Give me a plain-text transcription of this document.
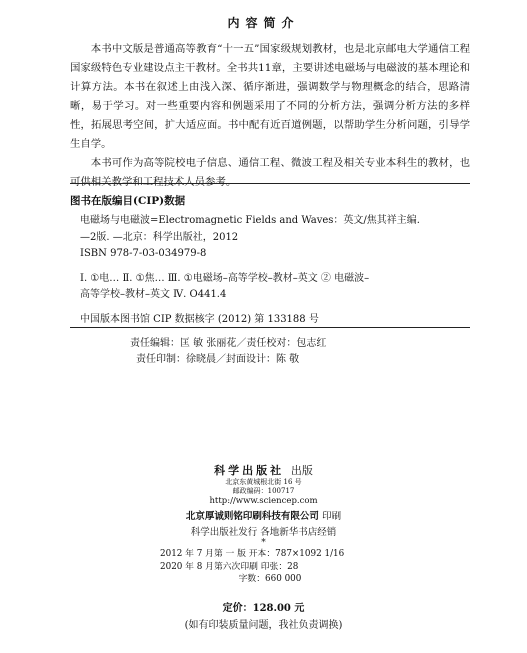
内容简介

本书中文版是普通高等教育“十一五”国家级规划教材，也是北京邮电大学通信工程国家级特色专业建设点主干教材。全书共11章，主要讲述电磁场与电磁波的基本理论和计算方法。本书在叙述上由浅入深、循序渐进，强调数学与物理概念的结合，思路清晰，易于学习。对一些重要内容和例题采用了不同的分析方法，强调分析方法的多样性，拓展思考空间，扩大适应面。书中配有近百道例题，以帮助学生分析问题，引导学生自学。

本书可作为高等院校电子信息、通信工程、微波工程及相关专业本科生的教材，也可供相关教学和工程技术人员参考。

图书在版编目(CIP)数据
电磁场与电磁波=Electromagnetic Fields and Waves：英文/焦其祥主编.
—2版. —北京：科学出版社，2012
ISBN 978-7-03-034979-8
Ⅰ. ①电… Ⅱ. ①焦… Ⅲ. ①电磁场–高等学校–教材–英文 ② 电磁波–
高等学校–教材–英文 Ⅳ. O441.4
中国版本图书馆 CIP 数据核字 (2012) 第 133188 号
责任编辑：匡 敏 张丽花／责任校对：包志红
责任印制：徐晓晨／封面设计：陈 敬
科学出版社 出版
北京东黄城根北街 16 号
邮政编码：100717
http://www.sciencep.com
北京厚诚则铭印刷科技有限公司 印刷
科学出版社发行 各地新华书店经销
*
2012 年 7 月第 一 版 开本：787×1092 1/16
2020 年 8 月第六次印刷 印张：28
字数：660 000
定价：128.00 元
(如有印装质量问题，我社负责调换)
